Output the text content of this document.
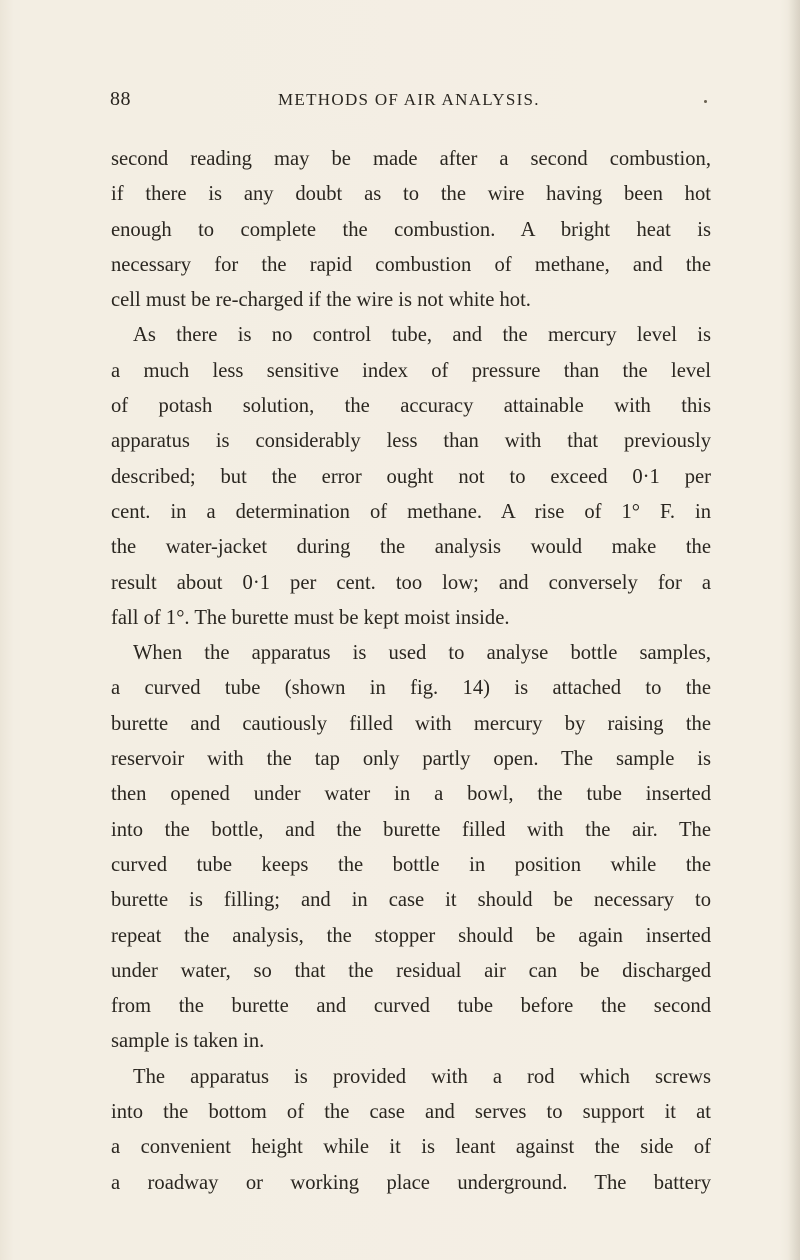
88	METHODS OF AIR ANALYSIS.
second reading may be made after a second combustion,
if there is any doubt as to the wire having been hot
enough to complete the combustion. A bright heat is
necessary for the rapid combustion of methane, and the
cell must be re-charged if the wire is not white hot.
As there is no control tube, and the mercury level is
a much less sensitive index of pressure than the level
of potash solution, the accuracy attainable with this
apparatus is considerably less than with that previously
described; but the error ought not to exceed 0·1 per
cent. in a determination of methane. A rise of 1° F. in
the water-jacket during the analysis would make the
result about 0·1 per cent. too low; and conversely for a
fall of 1°. The burette must be kept moist inside.
When the apparatus is used to analyse bottle samples,
a curved tube (shown in fig. 14) is attached to the
burette and cautiously filled with mercury by raising the
reservoir with the tap only partly open. The sample is
then opened under water in a bowl, the tube inserted
into the bottle, and the burette filled with the air. The
curved tube keeps the bottle in position while the
burette is filling; and in case it should be necessary to
repeat the analysis, the stopper should be again inserted
under water, so that the residual air can be discharged
from the burette and curved tube before the second
sample is taken in.
The apparatus is provided with a rod which screws
into the bottom of the case and serves to support it at
a convenient height while it is leant against the side of
a roadway or working place underground. The battery
